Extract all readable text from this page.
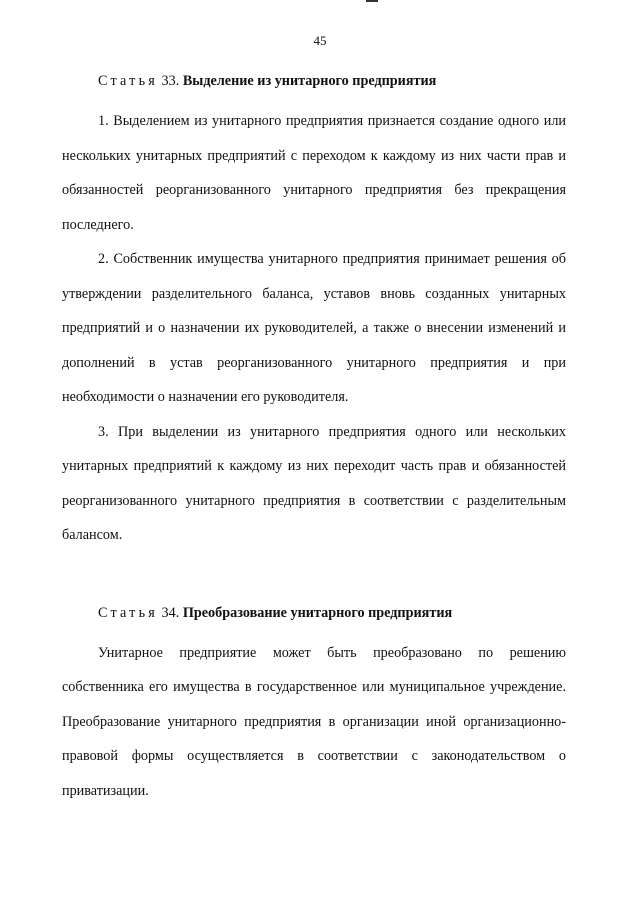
45

Статья 33. Выделение из унитарного предприятия

1. Выделением из унитарного предприятия признается создание одного или нескольких унитарных предприятий с переходом к каждому из них части прав и обязанностей реорганизованного унитарного предприятия без прекращения последнего.

2. Собственник имущества унитарного предприятия принимает решения об утверждении разделительного баланса, уставов вновь созданных унитарных предприятий и о назначении их руководителей, а также о внесении изменений и дополнений в устав реорганизованного унитарного предприятия и при необходимости о назначении его руководителя.

3. При выделении из унитарного предприятия одного или нескольких унитарных предприятий к каждому из них переходит часть прав и обязанностей реорганизованного унитарного предприятия в соответствии с разделительным балансом.

Статья 34. Преобразование унитарного предприятия

Унитарное предприятие может быть преобразовано по решению собственника его имущества в государственное или муниципальное учреждение. Преобразование унитарного предприятия в организации иной организационно-правовой формы осуществляется в соответствии с законодательством о приватизации.
